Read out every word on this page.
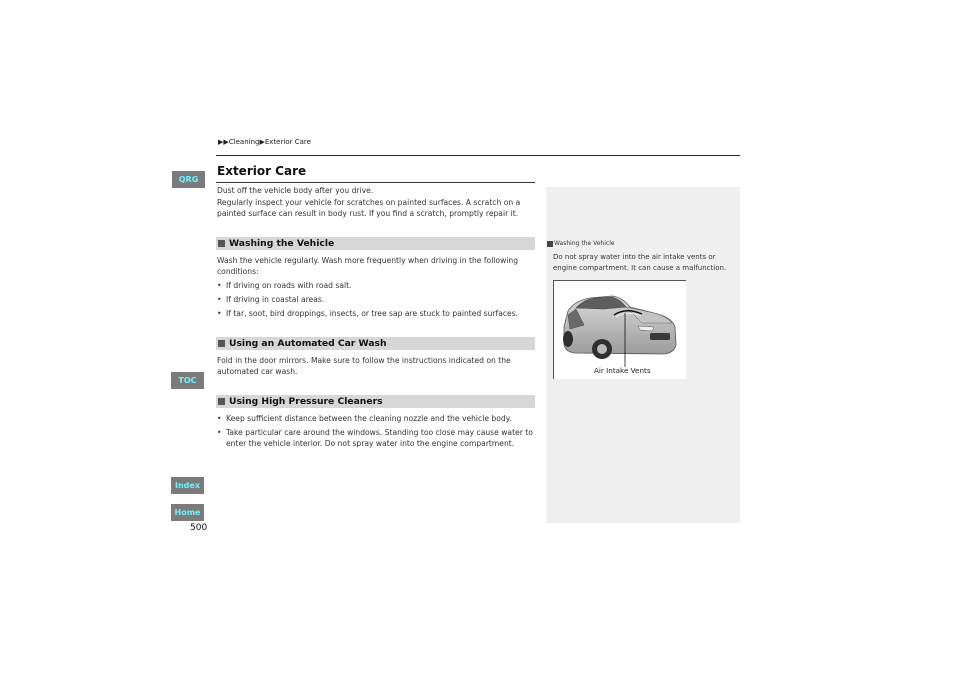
▶▶Cleaning▶Exterior Care
QRG
TOC
Index
Home
Exterior Care
Dust off the vehicle body after you drive.
Regularly inspect your vehicle for scratches on painted surfaces. A scratch on a painted surface can result in body rust. If you find a scratch, promptly repair it.
Washing the Vehicle
Wash the vehicle regularly. Wash more frequently when driving in the following conditions:
• If driving on roads with road salt.
• If driving in coastal areas.
• If tar, soot, bird droppings, insects, or tree sap are stuck to painted surfaces.
Using an Automated Car Wash
Fold in the door mirrors. Make sure to follow the instructions indicated on the automated car wash.
Using High Pressure Cleaners
• Keep sufficient distance between the cleaning nozzle and the vehicle body.
• Take particular care around the windows. Standing too close may cause water to enter the vehicle interior. Do not spray water into the engine compartment.
Washing the Vehicle
Do not spray water into the air intake vents or engine compartment. It can cause a malfunction.
Air Intake Vents
500
